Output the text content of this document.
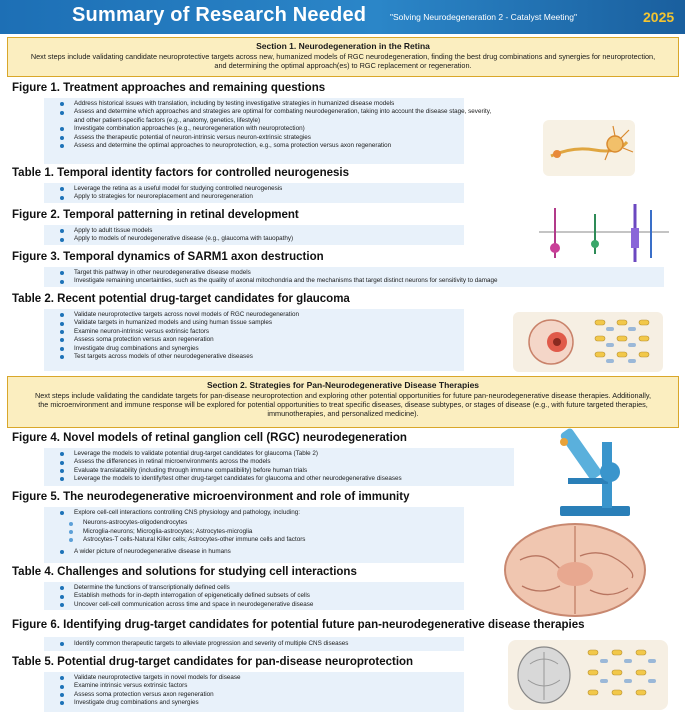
Summary of Research Needed	"Solving Neurodegeneration 2 - Catalyst Meeting"	2025
Section 1. Neurodegeneration in the Retina
Next steps include validating candidate neuroprotective targets across new, humanized models of RGC neurodegeneration, finding the best drug combinations and synergies for neuroprotection, and determining the optimal approach(es) to RGC replacement or regeneration.
Figure 1. Treatment approaches and remaining questions
Address historical issues with translation, including by testing investigative strategies in humanized disease models
Assess and determine which approaches and strategies are optimal for combating neurodegeneration, taking into account the disease stage, severity, and other patient-specific factors (e.g., anatomy, genetics, lifestyle)
Investigate combination approaches (e.g., neuroregeneration with neuroprotection)
Assess the therapeutic potential of neuron-intrinsic versus neuron-extrinsic strategies
Assess and determine the optimal approaches to neuroprotection, e.g., soma protection versus axon regeneration
Table 1. Temporal identity factors for controlled neurogenesis
Leverage the retina as a useful model for studying controlled neurogenesis
Apply to strategies for neuroreplacement and neuroregeneration
Figure 2. Temporal patterning in retinal development
Apply to adult tissue models
Apply to models of neurodegenerative disease (e.g., glaucoma with tauopathy)
Figure 3. Temporal dynamics of SARM1 axon destruction
Target this pathway in other neurodegenerative disease models
Investigate remaining uncertainties, such as the quality of axonal mitochondria and the mechanisms that target distinct neurons for sensitivity to damage
Table 2. Recent potential drug-target candidates for glaucoma
Validate neuroprotective targets across novel models of RGC neurodegeneration
Validate targets in humanized models and using human tissue samples
Examine neuron-intrinsic versus extrinsic factors
Assess soma protection versus axon regeneration
Investigate drug combinations and synergies
Test targets across models of other neurodegenerative diseases
Section 2. Strategies for Pan-Neurodegenerative Disease Therapies
Next steps include validating the candidate targets for pan-disease neuroprotection and exploring other potential opportunities for future pan-neurodegenerative disease therapies. Additionally, the microenvironment and immune response will be explored for potential opportunities to treat specific diseases, disease subtypes, or stages of disease (e.g., with future targeted therapies, immunotherapies, and personalized medicine).
Figure 4. Novel models of retinal ganglion cell (RGC) neurodegeneration
Leverage the models to validate potential drug-target candidates for glaucoma (Table 2)
Assess the differences in retinal microenvironments across the models
Evaluate translatability (including through immune compatibility) before human trials
Leverage the models to identify/test other drug-target candidates for glaucoma and other neurodegenerative diseases
Figure 5. The neurodegenerative microenvironment and role of immunity
Explore cell-cell interactions controlling CNS physiology and pathology, including:
Neurons-astrocytes-oligodendrocytes
Microglia-neurons; Microglia-astrocytes; Astrocytes-microglia
Astrocytes-T cells-Natural Killer cells; Astrocytes-other immune cells and factors
A wider picture of neurodegenerative disease in humans
Table 4. Challenges and solutions for studying cell interactions
Determine the functions of transcriptionally defined cells
Establish methods for in-depth interrogation of epigenetically defined subsets of cells
Uncover cell-cell communication across time and space in neurodegenerative disease
Figure 6. Identifying drug-target candidates for potential future pan-neurodegenerative disease therapies
Identify common therapeutic targets to alleviate progression and severity of multiple CNS diseases
Table 5. Potential drug-target candidates for pan-disease neuroprotection
Validate neuroprotective targets in novel models for disease
Examine intrinsic versus extrinsic factors
Assess soma protection versus axon regeneration
Investigate drug combinations and synergies
